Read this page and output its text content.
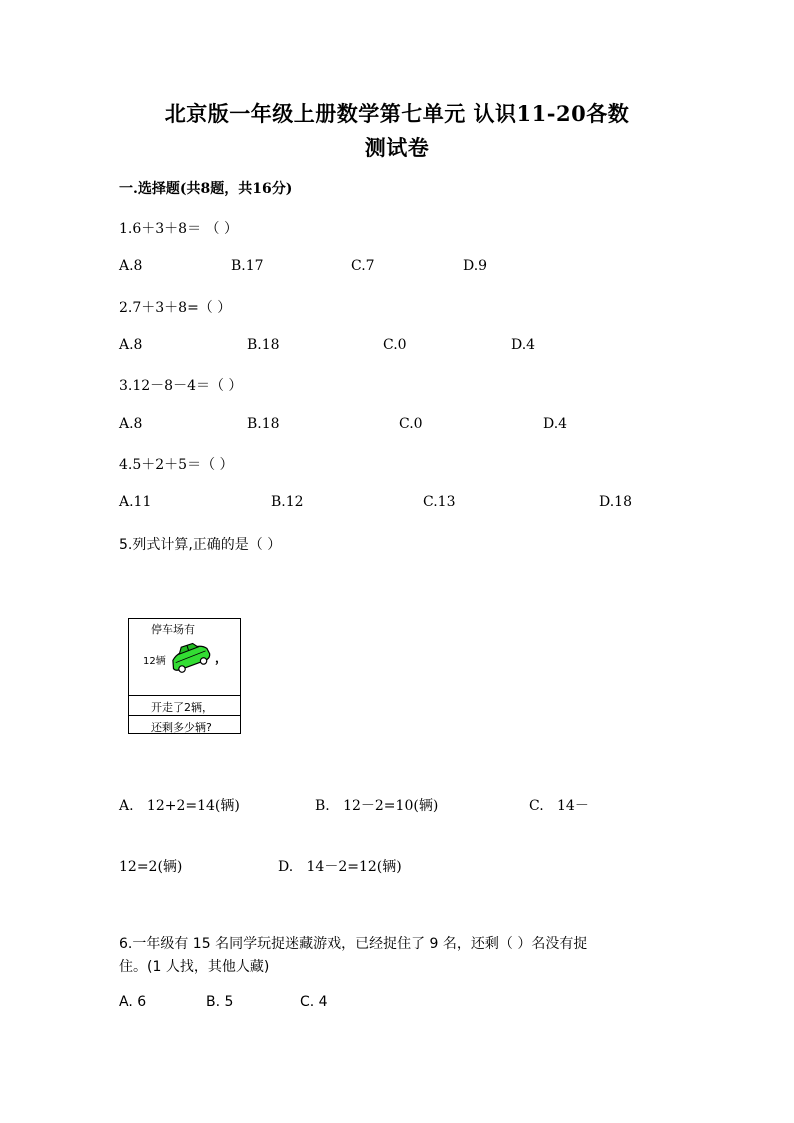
北京版一年级上册数学第七单元 认识11-20各数
测试卷
一.选择题(共8题，共16分)
1.6＋3＋8＝ （ ）
A.8	B.17	C.7	D.9
2.7＋3＋8=（ ）
A.8	B.18	C.0	D.4
3.12－8－4＝（ ）
A.8	B.18	C.0	D.4
4.5＋2＋5＝（ ）
A.11	B.12	C.13	D.18
5.列式计算,正确的是（ ）
停车场有
12辆	，
开走了2辆，
还剩多少辆?
A.   12+2=14(辆)	B.   12－2=10(辆)	C.   14－
12=2(辆)	D.   14－2=12(辆)
6.一年级有 15 名同学玩捉迷藏游戏，已经捉住了 9 名，还剩（ ）名没有捉
住。(1 人找，其他人藏)
A. 6	B. 5	C. 4
